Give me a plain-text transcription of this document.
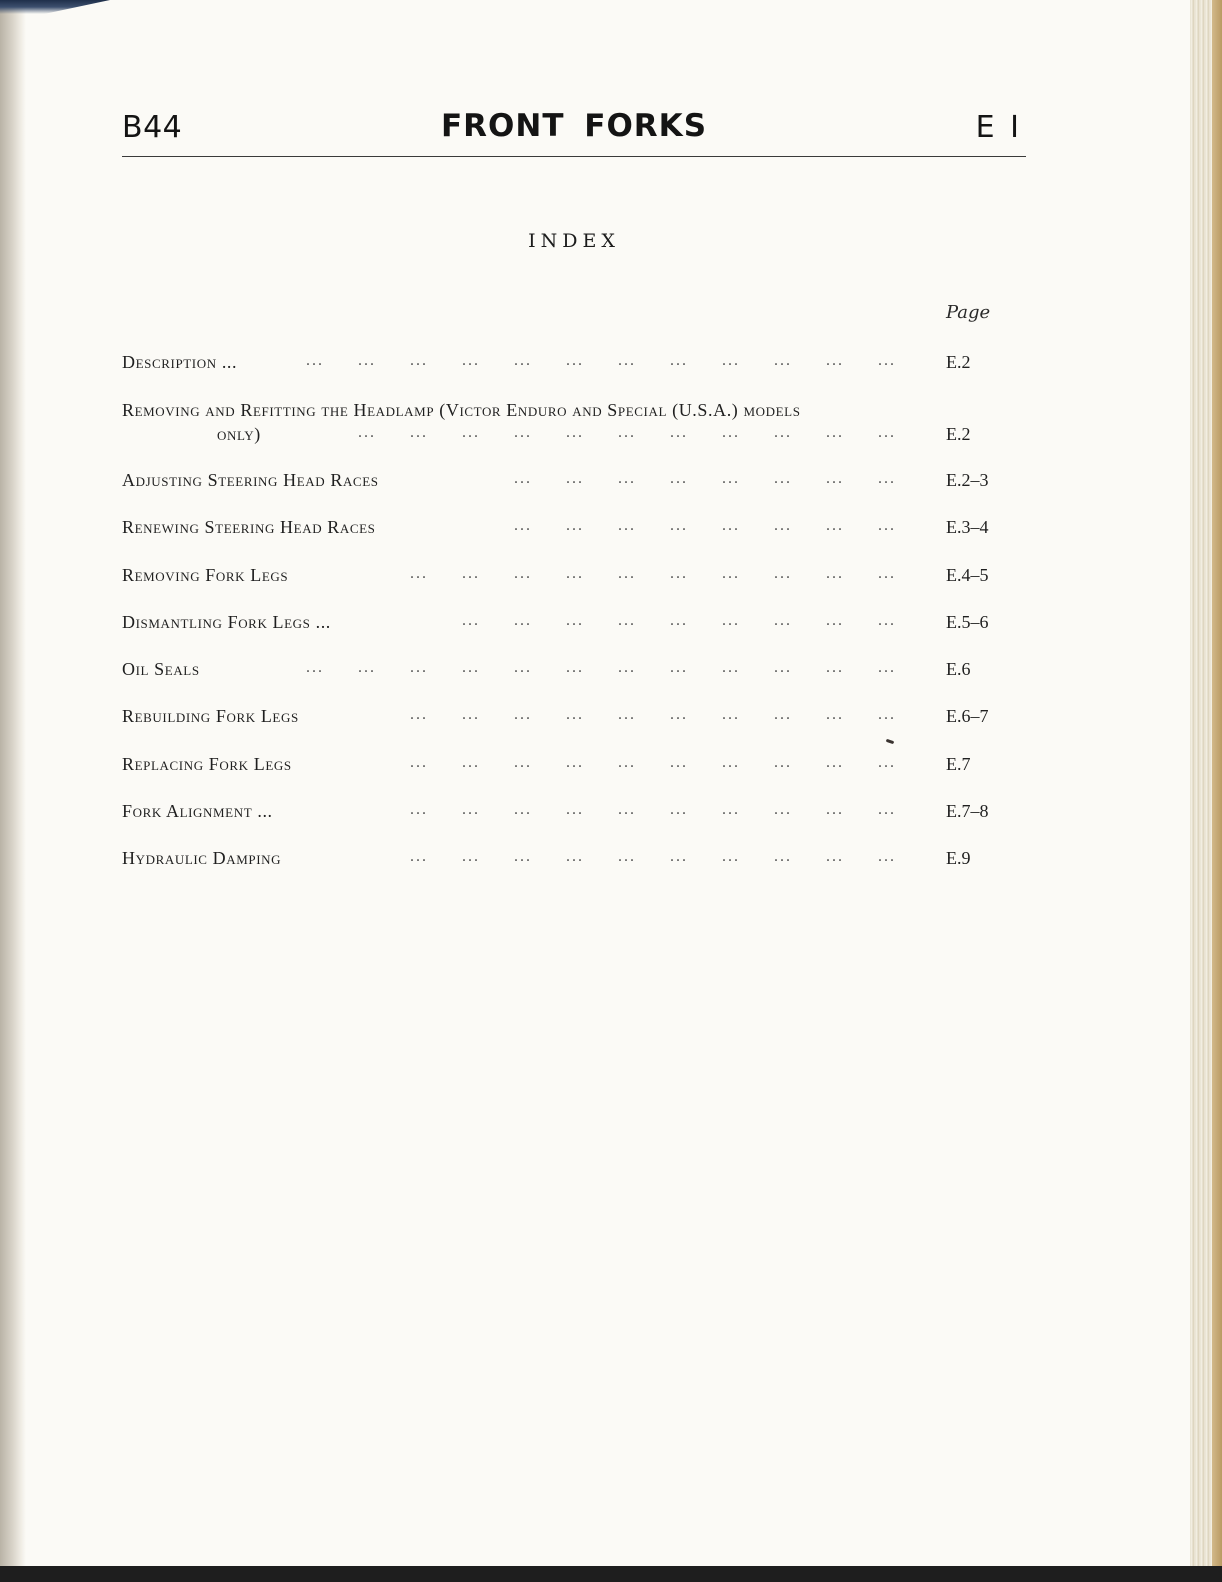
B44	FRONT FORKS	E I
INDEX
Page
Description ...	... ... ... ... ... ... ... ... ... ... ... ...	E.2
Removing and Refitting the Headlamp (Victor Enduro and Special (U.S.A.) models
only)	... ... ... ... ... ... ... ... ... ... ...	E.2
Adjusting Steering Head Races	... ... ... ... ... ... ... ...	E.2–3
Renewing Steering Head Races	... ... ... ... ... ... ... ...	E.3–4
Removing Fork Legs	... ... ... ... ... ... ... ... ... ...	E.4–5
Dismantling Fork Legs ...	... ... ... ... ... ... ... ... ...	E.5–6
Oil Seals	... ... ... ... ... ... ... ... ... ... ... ...	E.6
Rebuilding Fork Legs	... ... ... ... ... ... ... ... ... ...	E.6–7
Replacing Fork Legs	... ... ... ... ... ... ... ... ... ...	E.7
Fork Alignment ...	... ... ... ... ... ... ... ... ... ...	E.7–8
Hydraulic Damping	... ... ... ... ... ... ... ... ... ...	E.9
